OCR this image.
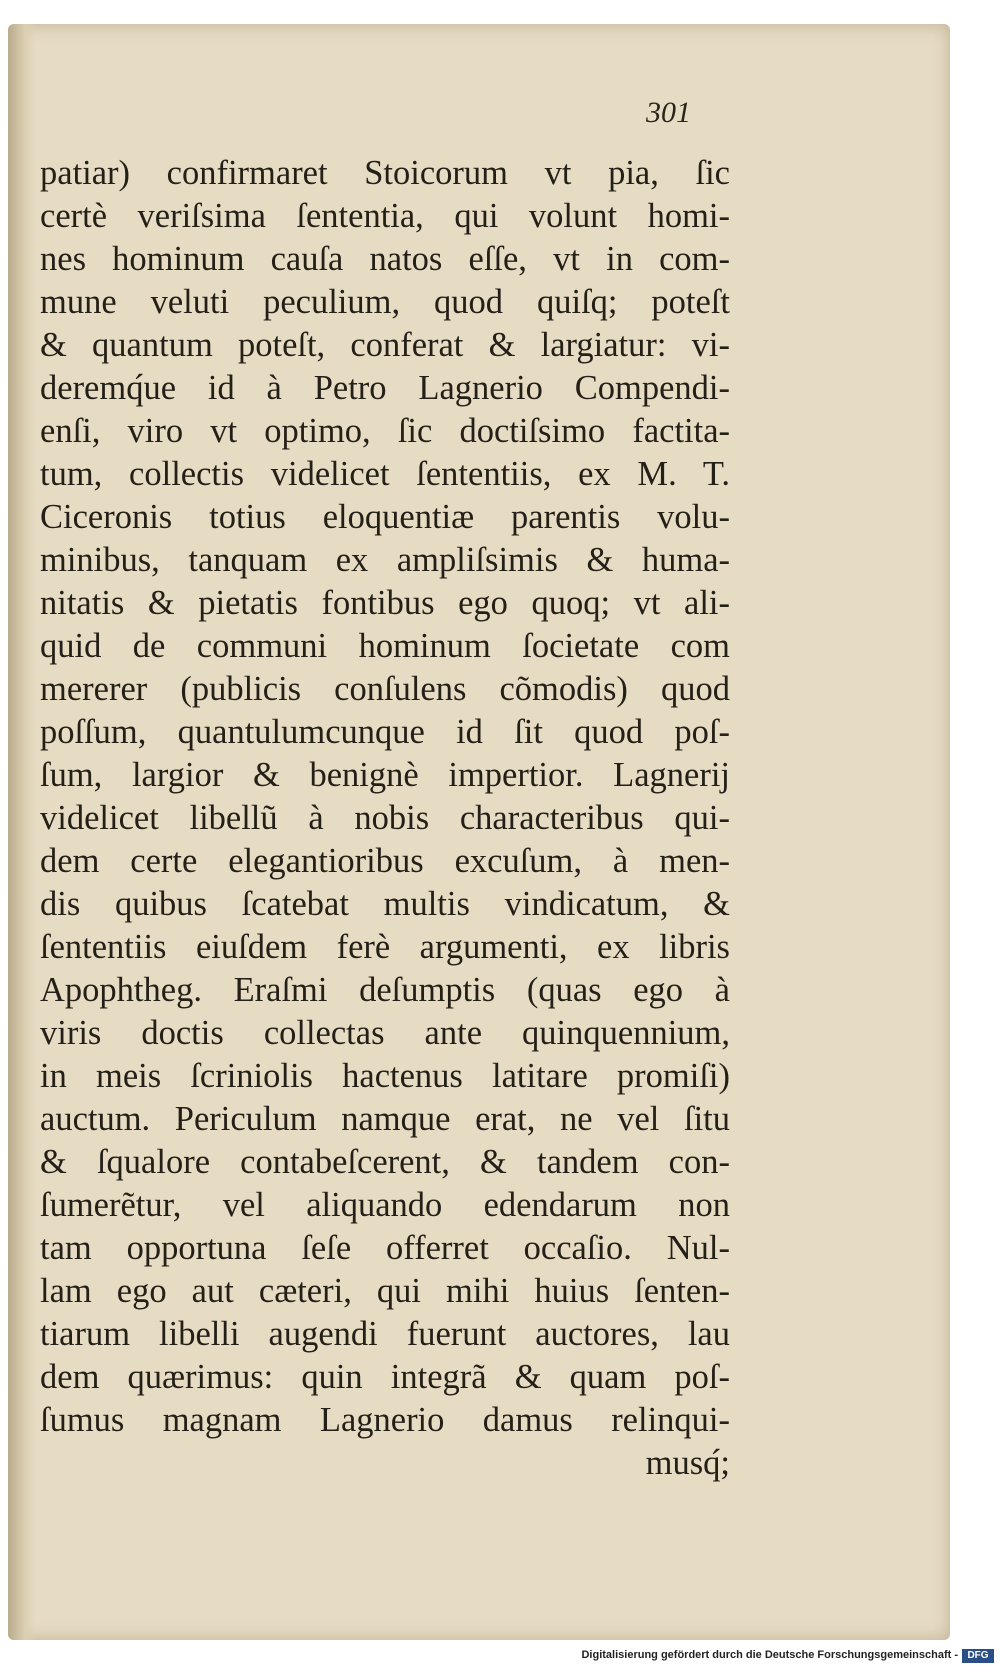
301
patiar) confirmaret Stoicorum vt pia, ſic
certè veriſsima ſententia, qui volunt homi-
nes hominum cauſa natos eſſe, vt in com-
mune veluti peculium, quod quiſq; poteſt
& quantum poteſt, conferat & largiatur: vi-
deremq́ue id à Petro Lagnerio Compendi-
enſi, viro vt optimo, ſic doctiſsimo factita-
tum, collectis videlicet ſententiis, ex M. T.
Ciceronis totius eloquentiæ parentis volu-
minibus, tanquam ex ampliſsimis & huma-
nitatis & pietatis fontibus ego quoq; vt ali-
quid de communi hominum ſocietate com
mererer (publicis conſulens cõmodis) quod
poſſum, quantulumcunque id ſit quod poſ-
ſum, largior & benignè impertior. Lagnerij
videlicet libellũ à nobis characteribus qui-
dem certe elegantioribus excuſum, à men-
dis quibus ſcatebat multis vindicatum, &
ſententiis eiuſdem ferè argumenti, ex libris
Apophtheg. Eraſmi deſumptis (quas ego à
viris doctis collectas ante quinquennium,
in meis ſcriniolis hactenus latitare promiſi)
auctum. Periculum namque erat, ne vel ſitu
& ſqualore contabeſcerent, & tandem con-
ſumerẽtur, vel aliquando edendarum non
tam opportuna ſeſe offerret occaſio. Nul-
lam ego aut cæteri, qui mihi huius ſenten-
tiarum libelli augendi fuerunt auctores, lau
dem quærimus: quin integrã & quam poſ-
ſumus magnam Lagnerio damus relinqui-
musq́;
Digitalisierung gefördert durch die Deutsche Forschungsgemeinschaft - DFG
